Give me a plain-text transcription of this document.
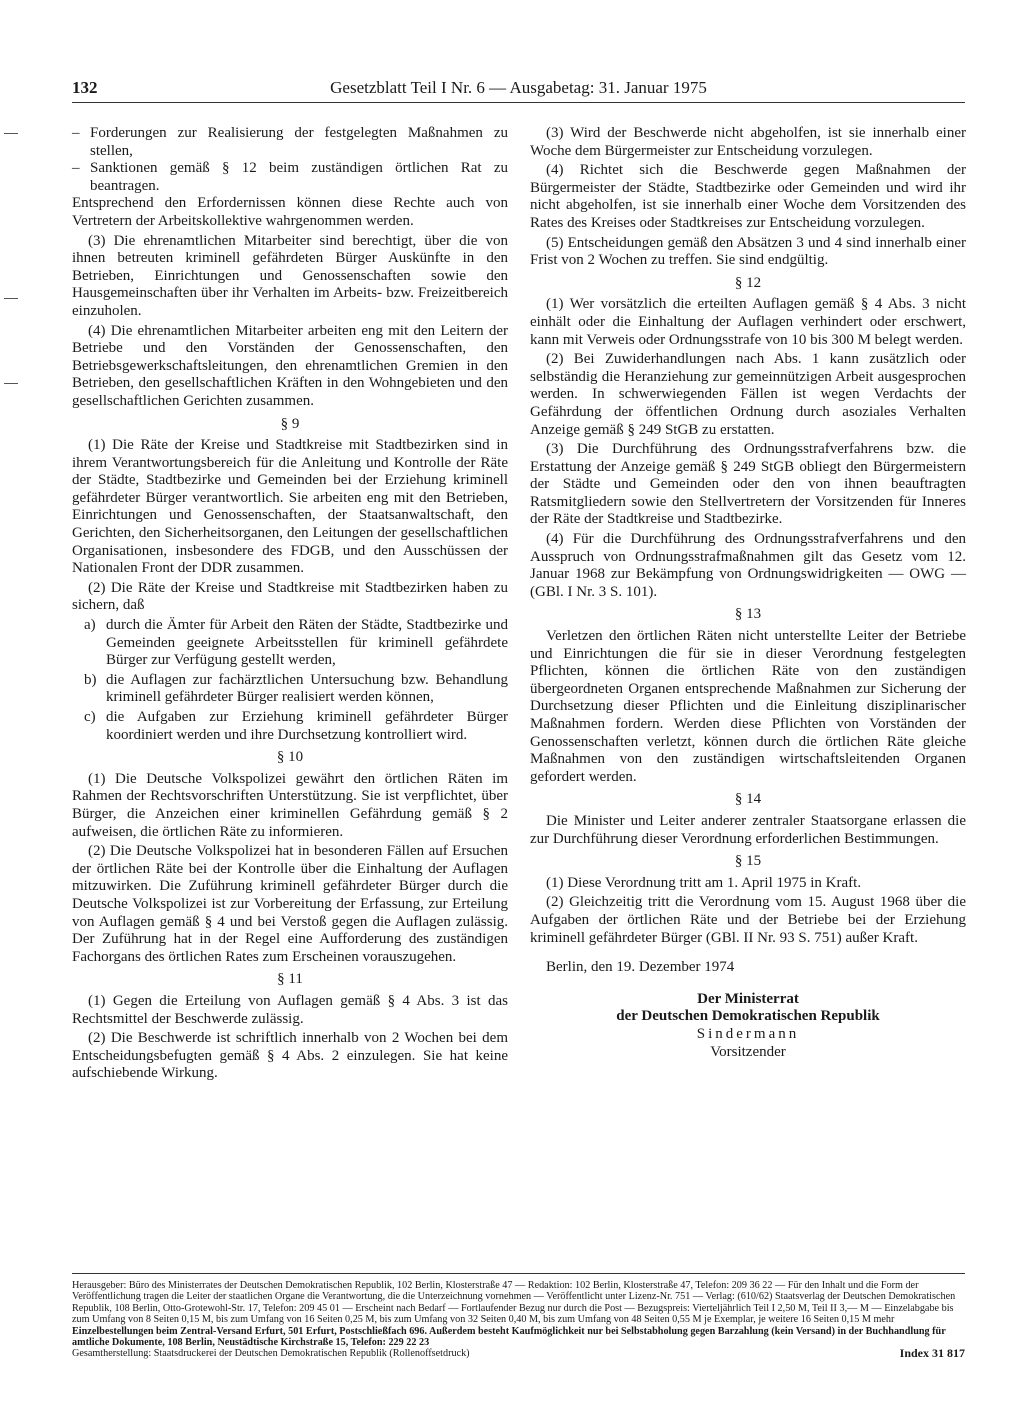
132	Gesetzblatt Teil I Nr. 6 — Ausgabetag: 31. Januar 1975
– Forderungen zur Realisierung der festgelegten Maßnahmen zu stellen,
– Sanktionen gemäß § 12 beim zuständigen örtlichen Rat zu beantragen.

Entsprechend den Erfordernissen können diese Rechte auch von Vertretern der Arbeitskollektive wahrgenommen werden.

(3) Die ehrenamtlichen Mitarbeiter sind berechtigt, über die von ihnen betreuten kriminell gefährdeten Bürger Auskünfte in den Betrieben, Einrichtungen und Genossenschaften sowie den Hausgemeinschaften über ihr Verhalten im Arbeits- bzw. Freizeitbereich einzuholen.

(4) Die ehrenamtlichen Mitarbeiter arbeiten eng mit den Leitern der Betriebe und den Vorständen der Genossenschaften, den Betriebsgewerkschaftsleitungen, den ehrenamtlichen Gremien in den Betrieben, den gesellschaftlichen Kräften in den Wohngebieten und den gesellschaftlichen Gerichten zusammen.

§ 9

(1) Die Räte der Kreise und Stadtkreise mit Stadtbezirken sind in ihrem Verantwortungsbereich für die Anleitung und Kontrolle der Räte der Städte, Stadtbezirke und Gemeinden bei der Erziehung kriminell gefährdeter Bürger verantwortlich. Sie arbeiten eng mit den Betrieben, Einrichtungen und Genossenschaften, der Staatsanwaltschaft, den Gerichten, den Sicherheitsorganen, den Leitungen der gesellschaftlichen Organisationen, insbesondere des FDGB, und den Ausschüssen der Nationalen Front der DDR zusammen.

(2) Die Räte der Kreise und Stadtkreise mit Stadtbezirken haben zu sichern, daß

a) durch die Ämter für Arbeit den Räten der Städte, Stadtbezirke und Gemeinden geeignete Arbeitsstellen für kriminell gefährdete Bürger zur Verfügung gestellt werden,
b) die Auflagen zur fachärztlichen Untersuchung bzw. Behandlung kriminell gefährdeter Bürger realisiert werden können,
c) die Aufgaben zur Erziehung kriminell gefährdeter Bürger koordiniert werden und ihre Durchsetzung kontrolliert wird.
§ 10

(1) Die Deutsche Volkspolizei gewährt den örtlichen Räten im Rahmen der Rechtsvorschriften Unterstützung. Sie ist verpflichtet, über Bürger, die Anzeichen einer kriminellen Gefährdung gemäß § 2 aufweisen, die örtlichen Räte zu informieren.

(2) Die Deutsche Volkspolizei hat in besonderen Fällen auf Ersuchen der örtlichen Räte bei der Kontrolle über die Einhaltung der Auflagen mitzuwirken. Die Zuführung kriminell gefährdeter Bürger durch die Deutsche Volkspolizei ist zur Vorbereitung der Erfassung, zur Erteilung von Auflagen gemäß § 4 und bei Verstoß gegen die Auflagen zulässig. Der Zuführung hat in der Regel eine Aufforderung des zuständigen Fachorgans des örtlichen Rates zum Erscheinen vorauszugehen.

§ 11

(1) Gegen die Erteilung von Auflagen gemäß § 4 Abs. 3 ist das Rechtsmittel der Beschwerde zulässig.

(2) Die Beschwerde ist schriftlich innerhalb von 2 Wochen bei dem Entscheidungsbefugten gemäß § 4 Abs. 2 einzulegen. Sie hat keine aufschiebende Wirkung.

(3) Wird der Beschwerde nicht abgeholfen, ist sie innerhalb einer Woche dem Bürgermeister zur Entscheidung vorzulegen.

(4) Richtet sich die Beschwerde gegen Maßnahmen der Bürgermeister der Städte, Stadtbezirke oder Gemeinden und wird ihr nicht abgeholfen, ist sie innerhalb einer Woche dem Vorsitzenden des Rates des Kreises oder Stadtkreises zur Entscheidung vorzulegen.

(5) Entscheidungen gemäß den Absätzen 3 und 4 sind innerhalb einer Frist von 2 Wochen zu treffen. Sie sind endgültig.

§ 12

(1) Wer vorsätzlich die erteilten Auflagen gemäß § 4 Abs. 3 nicht einhält oder die Einhaltung der Auflagen verhindert oder erschwert, kann mit Verweis oder Ordnungsstrafe von 10 bis 300 M belegt werden.

(2) Bei Zuwiderhandlungen nach Abs. 1 kann zusätzlich oder selbständig die Heranziehung zur gemeinnützigen Arbeit ausgesprochen werden. In schwerwiegenden Fällen ist wegen Verdachts der Gefährdung der öffentlichen Ordnung durch asoziales Verhalten Anzeige gemäß § 249 StGB zu erstatten.

(3) Die Durchführung des Ordnungsstrafverfahrens bzw. die Erstattung der Anzeige gemäß § 249 StGB obliegt den Bürgermeistern der Städte und Gemeinden oder den von ihnen beauftragten Ratsmitgliedern sowie den Stellvertretern der Vorsitzenden für Inneres der Räte der Stadtkreise und Stadtbezirke.

(4) Für die Durchführung des Ordnungsstrafverfahrens und den Ausspruch von Ordnungsstrafmaßnahmen gilt das Gesetz vom 12. Januar 1968 zur Bekämpfung von Ordnungswidrigkeiten — OWG — (GBl. I Nr. 3 S. 101).

§ 13

Verletzen den örtlichen Räten nicht unterstellte Leiter der Betriebe und Einrichtungen die für sie in dieser Verordnung festgelegten Pflichten, können die örtlichen Räte von den zuständigen übergeordneten Organen entsprechende Maßnahmen zur Sicherung der Durchsetzung dieser Pflichten und die Einleitung disziplinarischer Maßnahmen fordern. Werden diese Pflichten von Vorständen der Genossenschaften verletzt, können durch die örtlichen Räte gleiche Maßnahmen von den zuständigen wirtschaftsleitenden Organen gefordert werden.

§ 14

Die Minister und Leiter anderer zentraler Staatsorgane erlassen die zur Durchführung dieser Verordnung erforderlichen Bestimmungen.

§ 15

(1) Diese Verordnung tritt am 1. April 1975 in Kraft.

(2) Gleichzeitig tritt die Verordnung vom 15. August 1968 über die Aufgaben der örtlichen Räte und der Betriebe bei der Erziehung kriminell gefährdeter Bürger (GBl. II Nr. 93 S. 751) außer Kraft.

Berlin, den 19. Dezember 1974

Der Ministerrat
der Deutschen Demokratischen Republik
Sindermann
Vorsitzender

Herausgeber: Büro des Ministerrates der Deutschen Demokratischen Republik, 102 Berlin, Klosterstraße 47 — Redaktion: 102 Berlin, Klosterstraße 47, Telefon: 209 36 22 — Für den Inhalt und die Form der Veröffentlichung tragen die Leiter der staatlichen Organe die Verantwortung, die die Unterzeichnung vornehmen — Veröffentlicht unter Lizenz-Nr. 751 — Verlag: (610/62) Staatsverlag der Deutschen Demokratischen Republik, 108 Berlin, Otto-Grotewohl-Str. 17, Telefon: 209 45 01 — Erscheint nach Bedarf — Fortlaufender Bezug nur durch die Post — Bezugspreis: Vierteljährlich Teil I 2,50 M, Teil II 3,— M — Einzelabgabe bis zum Umfang von 8 Seiten 0,15 M, bis zum Umfang von 16 Seiten 0,25 M, bis zum Umfang von 32 Seiten 0,40 M, bis zum Umfang von 48 Seiten 0,55 M je Exemplar, je weitere 16 Seiten 0,15 M mehr

Einzelbestellungen beim Zentral-Versand Erfurt, 501 Erfurt, Postschließfach 696. Außerdem besteht Kaufmöglichkeit nur bei Selbstabholung gegen Barzahlung (kein Versand) in der Buchhandlung für amtliche Dokumente, 108 Berlin, Neustädtische Kirchstraße 15, Telefon: 229 22 23

Gesamtherstellung: Staatsdruckerei der Deutschen Demokratischen Republik (Rollenoffsetdruck)	Index 31 817
